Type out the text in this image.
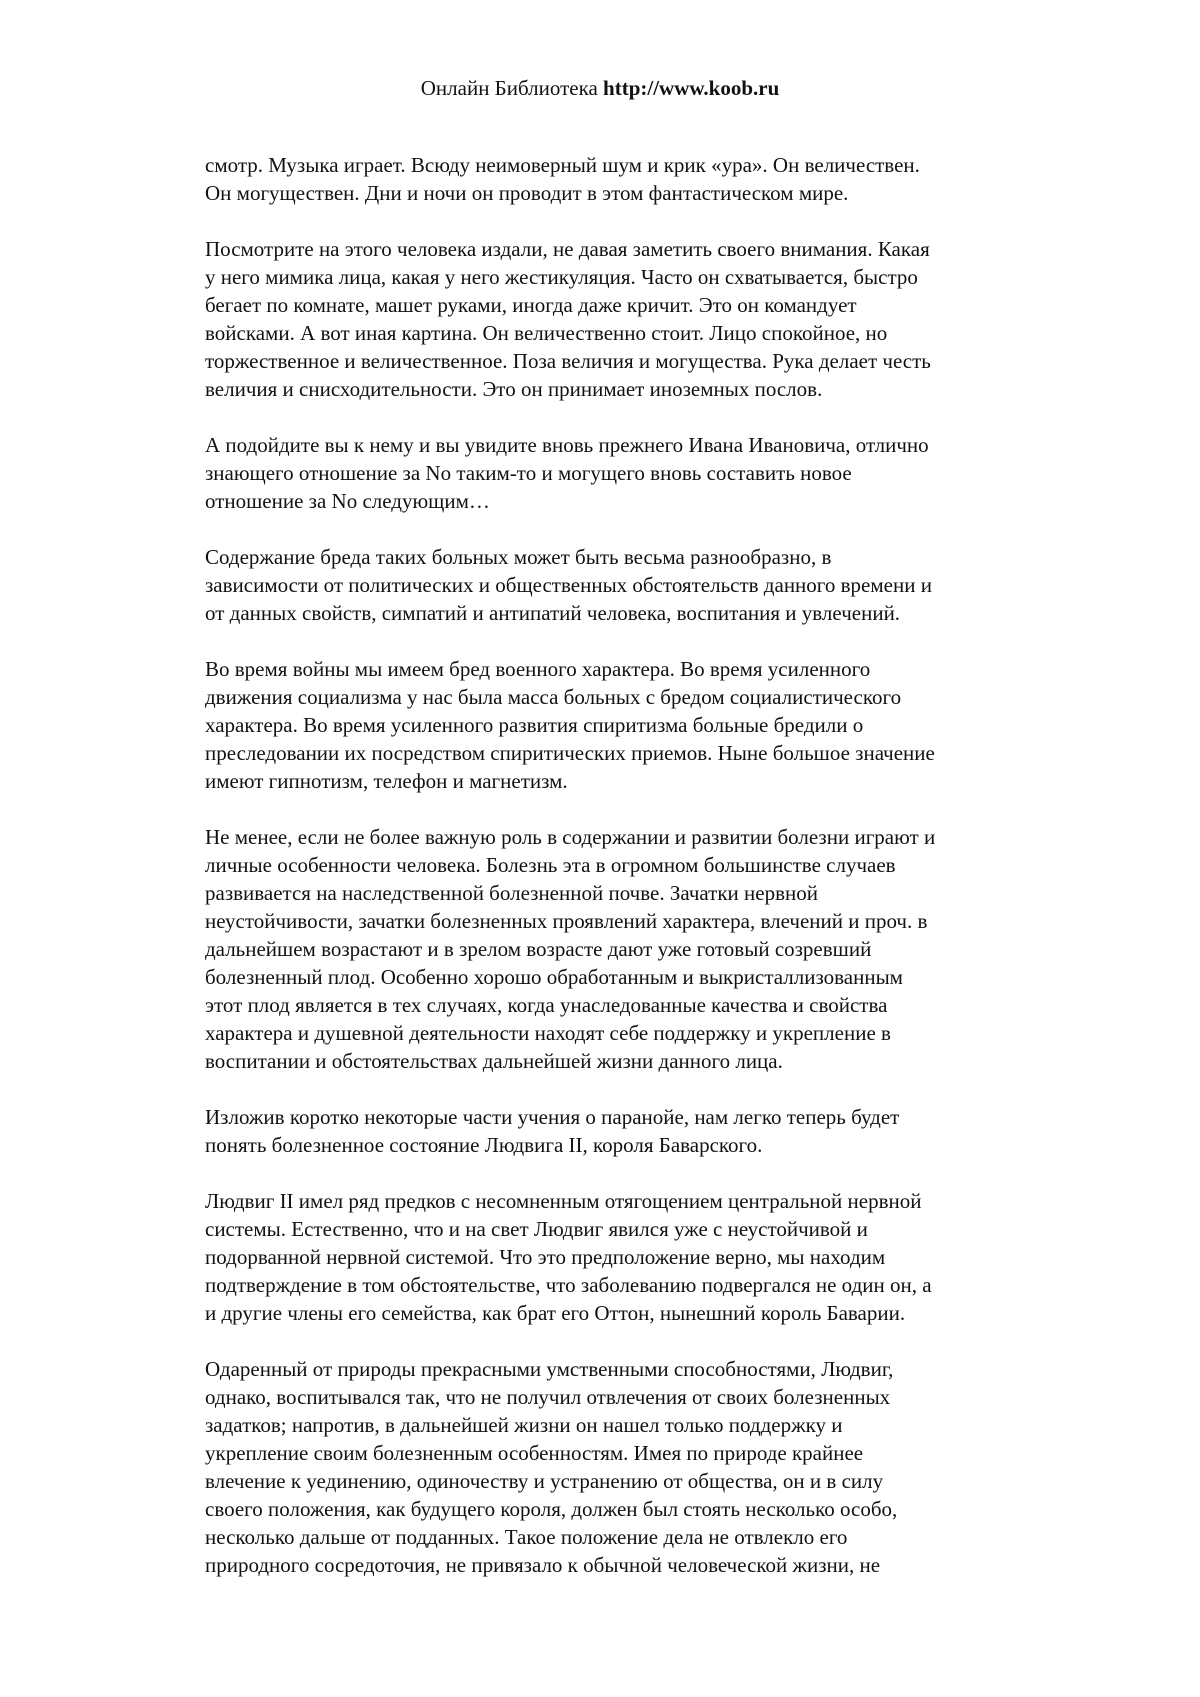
Онлайн Библиотека http://www.koob.ru
смотр. Музыка играет. Всюду неимоверный шум и крик «ура». Он величествен.
Он могуществен. Дни и ночи он проводит в этом фантастическом мире.
Посмотрите на этого человека издали, не давая заметить своего внимания. Какая
у него мимика лица, какая у него жестикуляция. Часто он схватывается, быстро
бегает по комнате, машет руками, иногда даже кричит. Это он командует
войсками. А вот иная картина. Он величественно стоит. Лицо спокойное, но
торжественное и величественное. Поза величия и могущества. Рука делает честь
величия и снисходительности. Это он принимает иноземных послов.
А подойдите вы к нему и вы увидите вновь прежнего Ивана Ивановича, отлично
знающего отношение за No таким-то и могущего вновь составить новое
отношение за No следующим…
Содержание бреда таких больных может быть весьма разнообразно, в
зависимости от политических и общественных обстоятельств данного времени и
от данных свойств, симпатий и антипатий человека, воспитания и увлечений.
Во время войны мы имеем бред военного характера. Во время усиленного
движения социализма у нас была масса больных с бредом социалистического
характера. Во время усиленного развития спиритизма больные бредили о
преследовании их посредством спиритических приемов. Ныне большое значение
имеют гипнотизм, телефон и магнетизм.
Не менее, если не более важную роль в содержании и развитии болезни играют и
личные особенности человека. Болезнь эта в огромном большинстве случаев
развивается на наследственной болезненной почве. Зачатки нервной
неустойчивости, зачатки болезненных проявлений характера, влечений и проч. в
дальнейшем возрастают и в зрелом возрасте дают уже готовый созревший
болезненный плод. Особенно хорошо обработанным и выкристаллизованным
этот плод является в тех случаях, когда унаследованные качества и свойства
характера и душевной деятельности находят себе поддержку и укрепление в
воспитании и обстоятельствах дальнейшей жизни данного лица.
Изложив коротко некоторые части учения о паранойе, нам легко теперь будет
понять болезненное состояние Людвига II, короля Баварского.
Людвиг II имел ряд предков с несомненным отягощением центральной нервной
системы. Естественно, что и на свет Людвиг явился уже с неустойчивой и
подорванной нервной системой. Что это предположение верно, мы находим
подтверждение в том обстоятельстве, что заболеванию подвергался не один он, а
и другие члены его семейства, как брат его Оттон, нынешний король Баварии.
Одаренный от природы прекрасными умственными способностями, Людвиг,
однако, воспитывался так, что не получил отвлечения от своих болезненных
задатков; напротив, в дальнейшей жизни он нашел только поддержку и
укрепление своим болезненным особенностям. Имея по природе крайнее
влечение к уединению, одиночеству и устранению от общества, он и в силу
своего положения, как будущего короля, должен был стоять несколько особо,
несколько дальше от подданных. Такое положение дела не отвлекло его
природного сосредоточия, не привязало к обычной человеческой жизни, не
